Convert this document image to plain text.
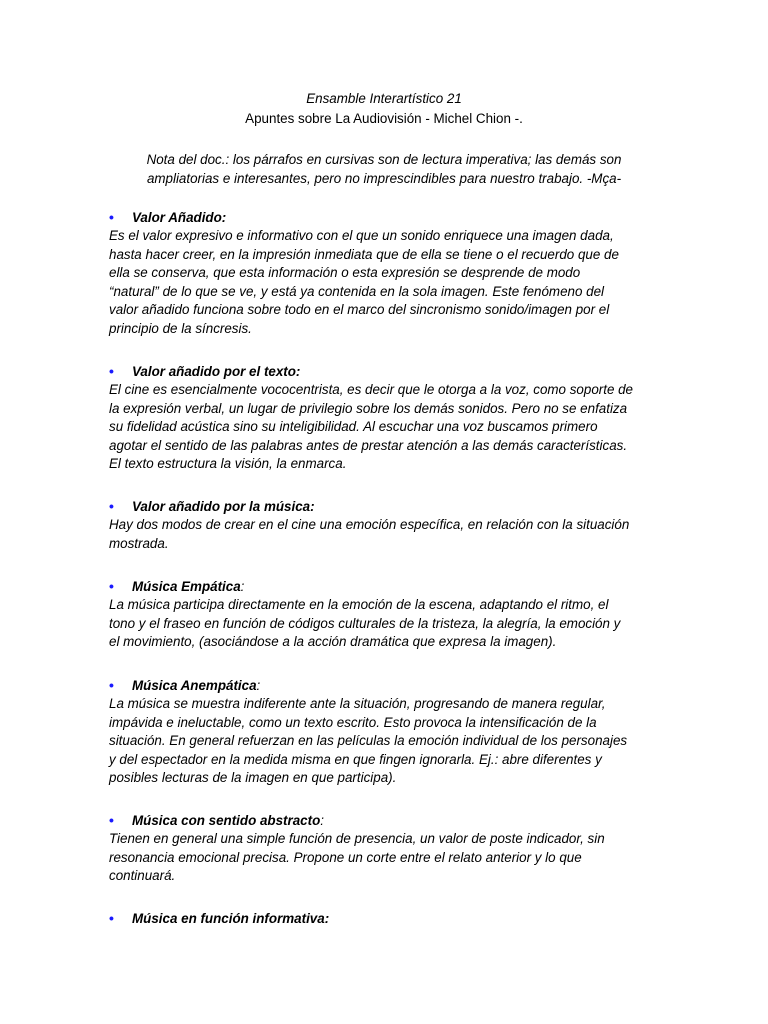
Ensamble Interartístico 21
Apuntes sobre La Audiovisión - Michel Chion -.
Nota del doc.: los párrafos en cursivas son de lectura imperativa; las demás son
ampliatorias e interesantes, pero no imprescindibles para nuestro trabajo. -Mça-
• Valor Añadido:
Es el valor expresivo e informativo con el que un sonido enriquece una imagen dada,
hasta hacer creer, en la impresión inmediata que de ella se tiene o el recuerdo que de
ella se conserva, que esta información o esta expresión se desprende de modo
“natural” de lo que se ve, y está ya contenida en la sola imagen. Este fenómeno del
valor añadido funciona sobre todo en el marco del sincronismo sonido/imagen por el
principio de la síncresis.
• Valor añadido por el texto:
El cine es esencialmente vococentrista, es decir que le otorga a la voz, como soporte de
la expresión verbal, un lugar de privilegio sobre los demás sonidos. Pero no se enfatiza
su fidelidad acústica sino su inteligibilidad. Al escuchar una voz buscamos primero
agotar el sentido de las palabras antes de prestar atención a las demás características.
El texto estructura la visión, la enmarca.
• Valor añadido por la música:
Hay dos modos de crear en el cine una emoción específica, en relación con la situación
mostrada.
• Música Empática:
La música participa directamente en la emoción de la escena, adaptando el ritmo, el
tono y el fraseo en función de códigos culturales de la tristeza, la alegría, la emoción y
el movimiento, (asociándose a la acción dramática que expresa la imagen).
• Música Anempática:
La música se muestra indiferente ante la situación, progresando de manera regular,
impávida e ineluctable, como un texto escrito. Esto provoca la intensificación de la
situación. En general refuerzan en las películas la emoción individual de los personajes
y del espectador en la medida misma en que fingen ignorarla. Ej.: abre diferentes y
posibles lecturas de la imagen en que participa).
• Música con sentido abstracto:
Tienen en general una simple función de presencia, un valor de poste indicador, sin
resonancia emocional precisa. Propone un corte entre el relato anterior y lo que
continuará.
• Música en función informativa:
